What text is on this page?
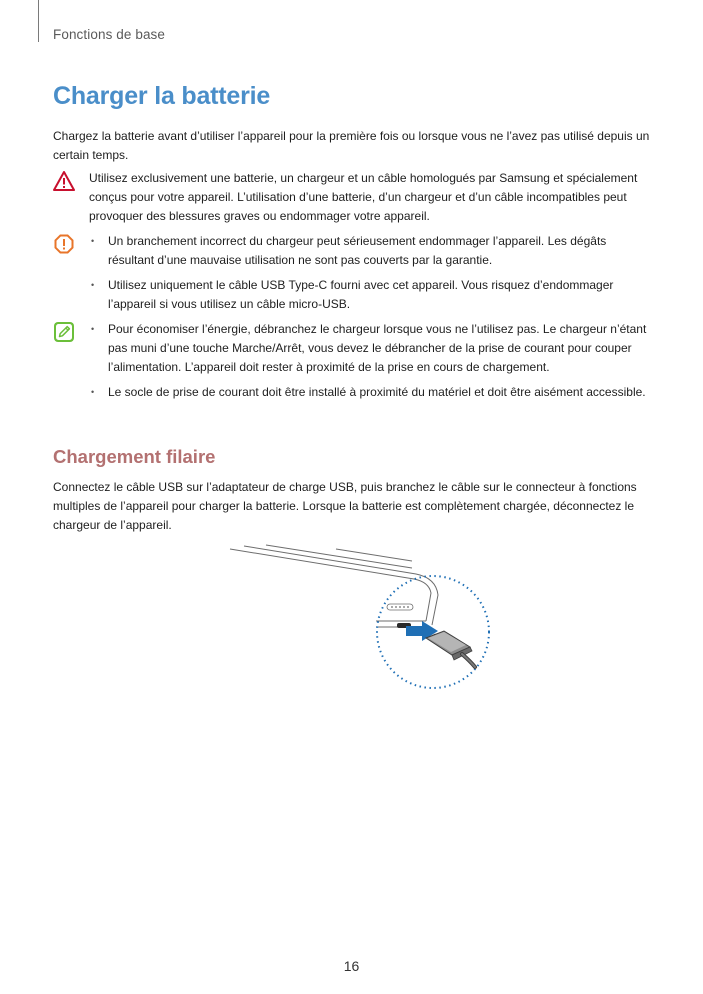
Fonctions de base
Charger la batterie

Chargez la batterie avant d’utiliser l’appareil pour la première fois ou lorsque vous ne l’avez pas utilisé depuis un certain temps.

Utilisez exclusivement une batterie, un chargeur et un câble homologués par Samsung et spécialement conçus pour votre appareil. L’utilisation d’une batterie, d’un chargeur et d’un câble incompatibles peut provoquer des blessures graves ou endommager votre appareil.

• Un branchement incorrect du chargeur peut sérieusement endommager l’appareil. Les dégâts résultant d’une mauvaise utilisation ne sont pas couverts par la garantie.
• Utilisez uniquement le câble USB Type-C fourni avec cet appareil. Vous risquez d’endommager l’appareil si vous utilisez un câble micro-USB.
• Pour économiser l’énergie, débranchez le chargeur lorsque vous ne l’utilisez pas. Le chargeur n’étant pas muni d’une touche Marche/Arrêt, vous devez le débrancher de la prise de courant pour couper l’alimentation. L’appareil doit rester à proximité de la prise en cours de chargement.
• Le socle de prise de courant doit être installé à proximité du matériel et doit être aisément accessible.
Chargement filaire

Connectez le câble USB sur l’adaptateur de charge USB, puis branchez le câble sur le connecteur à fonctions multiples de l’appareil pour charger la batterie. Lorsque la batterie est complètement chargée, déconnectez le chargeur de l’appareil.

16
